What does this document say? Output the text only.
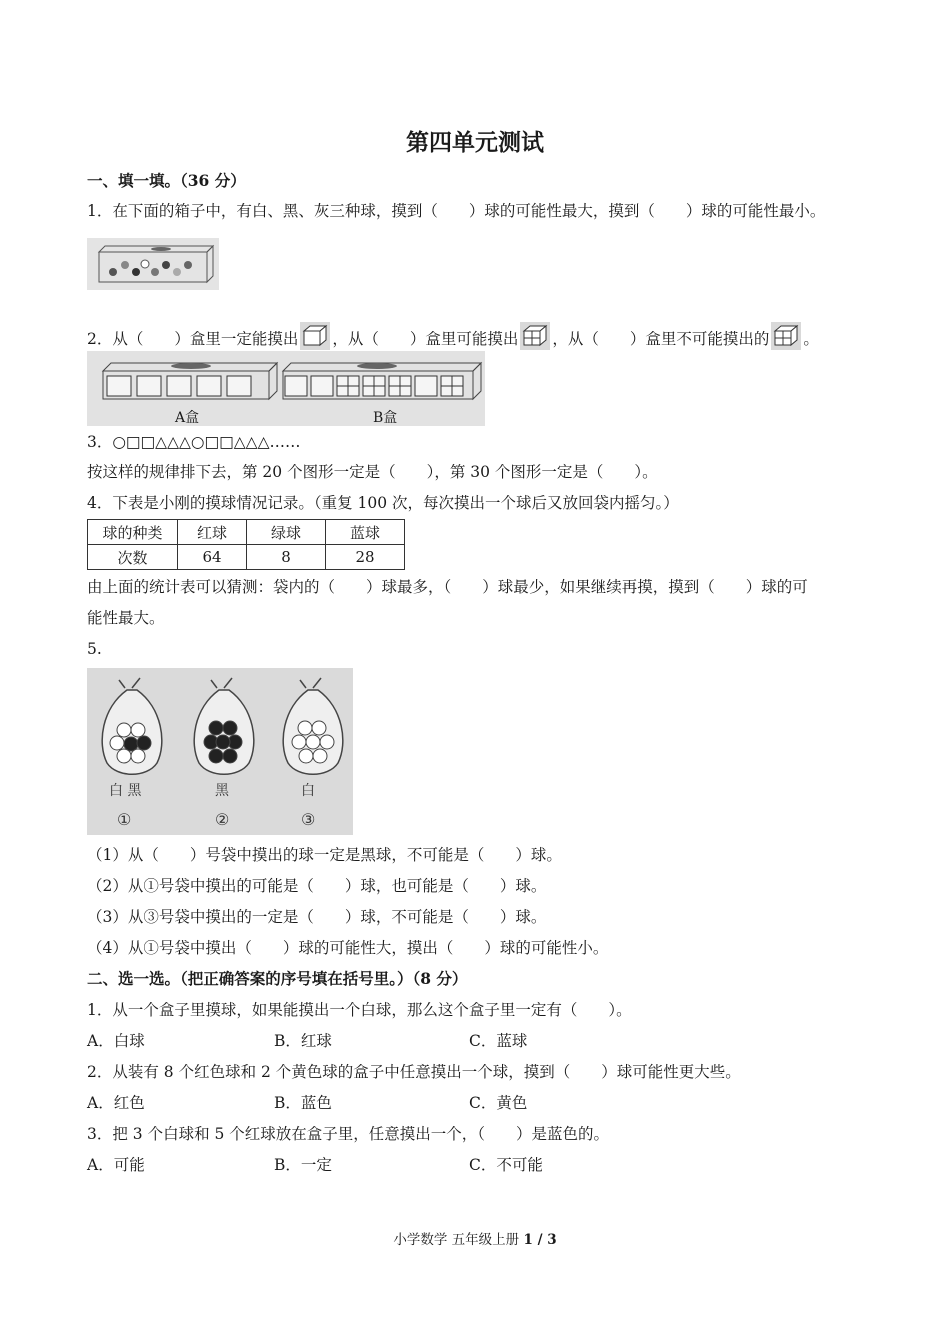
第四单元测试
一、填一填。（36 分）
1．在下面的箱子中，有白、黑、灰三种球，摸到（　　）球的可能性最大，摸到（　　）球的可能性最小。
2．从（　　）盒里一定能摸出 ，从（　　）盒里可能摸出 ，从（　　）盒里不可能摸出的 。
A盒	B盒
3．○□□△△△○□□△△△……
按这样的规律排下去，第 20 个图形一定是（　　），第 30 个图形一定是（　　）。
4．下表是小刚的摸球情况记录。（重复 100 次，每次摸出一个球后又放回袋内摇匀。）
球的种类	红球	绿球	蓝球
次数	64	8	28
由上面的统计表可以猜测：袋内的（　　）球最多，（　　）球最少，如果继续再摸，摸到（　　）球的可
能性最大。
5.
白 黑	黑	白
①	②	③
（1）从（　　）号袋中摸出的球一定是黑球，不可能是（　　）球。
（2）从①号袋中摸出的可能是（　　）球，也可能是（　　）球。
（3）从③号袋中摸出的一定是（　　）球，不可能是（　　）球。
（4）从①号袋中摸出（　　）球的可能性大，摸出（　　）球的可能性小。
二、选一选。（把正确答案的序号填在括号里。）（8 分）
1．从一个盒子里摸球，如果能摸出一个白球，那么这个盒子里一定有（　　）。
A．白球	B．红球	C．蓝球
2．从装有 8 个红色球和 2 个黄色球的盒子中任意摸出一个球，摸到（　　）球可能性更大些。
A．红色	B．蓝色	C．黄色
3．把 3 个白球和 5 个红球放在盒子里，任意摸出一个，（　　）是蓝色的。
A．可能	B．一定	C．不可能
小学数学 五年级上册 1 / 3
